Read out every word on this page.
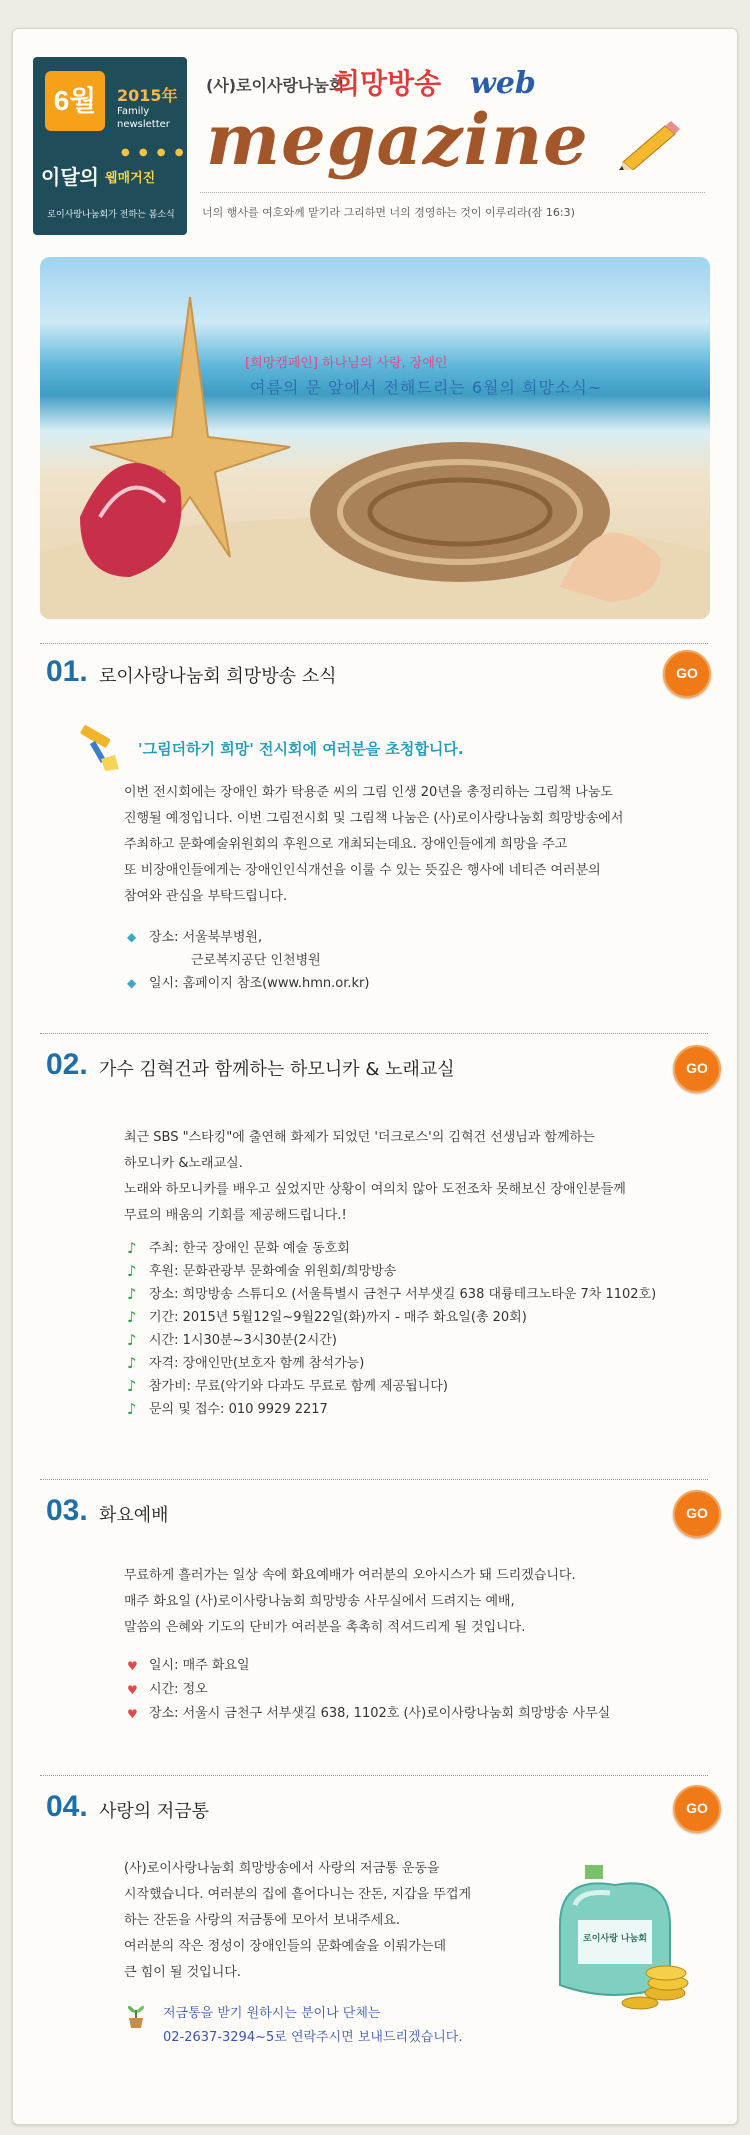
6월	2015年
Family newsletter
● ● ● ●
이달의 웹매거진
로이사랑나눔회가 전하는 봄소식
(사)로이사랑나눔회
희망방송 web
megazine
너의 행사를 여호와께 맡기라 그리하면 너의 경영하는 것이 이루리라(잠 16:3)
[희망캠페인] 하나님의 사랑, 장애인
여름의 문 앞에서 전해드리는 6월의 희망소식~
01. 로이사랑나눔회 희망방송 소식	GO
'그림더하기 희망' 전시회에 여러분을 초청합니다.

이번 전시회에는 장애인 화가 탁용준 씨의 그림 인생 20년을 총정리하는 그림책 나눔도

진행될 예정입니다. 이번 그림전시회 및 그림책 나눔은 (사)로이사랑나눔회 희망방송에서

주최하고 문화예술위원회의 후원으로 개최되는데요. 장애인들에게 희망을 주고

또 비장애인들에게는 장애인인식개선을 이룰 수 있는 뜻깊은 행사에 네티즌 여러분의

참여와 관심을 부탁드립니다.

◆ 장소: 서울북부병원,
근로복지공단 인천병원
◆ 일시: 홈페이지 참조(www.hmn.or.kr)
02. 가수 김혁건과 함께하는 하모니카 & 노래교실	GO

최근 SBS "스타킹"에 출연해 화제가 되었던 '더크로스'의 김혁건 선생님과 함께하는

하모니카 &노래교실.

노래와 하모니카를 배우고 싶었지만 상황이 여의치 않아 도전조차 못해보신 장애인분들께

무료의 배움의 기회를 제공해드립니다.!

♪ 주최: 한국 장애인 문화 예술 동호회
♪ 후원: 문화관광부 문화예술 위원회/희망방송
♪ 장소: 희망방송 스튜디오 (서울특별시 금천구 서부샛길 638 대륭테크노타운 7차 1102호)
♪ 기간: 2015년 5월12일~9월22일(화)까지 - 매주 화요일(총 20회)
♪ 시간: 1시30분~3시30분(2시간)
♪ 자격: 장애인만(보호자 함께 참석가능)
♪ 참가비: 무료(악기와 다과도 무료로 함께 제공됩니다)
♪ 문의 및 접수: 010 9929 2217
03. 화요예배	GO

무료하게 흘러가는 일상 속에 화요예배가 여러분의 오아시스가 돼 드리겠습니다.

매주 화요일 (사)로이사랑나눔회 희망방송 사무실에서 드려지는 예배,

말씀의 은혜와 기도의 단비가 여러분을 촉촉히 적셔드리게 될 것입니다.

♥ 일시: 매주 화요일
♥ 시간: 정오
♥ 장소: 서울시 금천구 서부샛길 638, 1102호 (사)로이사랑나눔회 희망방송 사무실
04. 사랑의 저금통	GO

(사)로이사랑나눔회 희망방송에서 사랑의 저금통 운동을

시작했습니다. 여러분의 집에 흩어다니는 잔돈, 지갑을 뚜껍게

하는 잔돈을 사랑의 저금통에 모아서 보내주세요.

여러분의 작은 정성이 장애인들의 문화예술을 이뤄가는데

큰 힘이 될 것입니다.

로이사랑 나눔회
저금통을 받기 원하시는 분이나 단체는
02-2637-3294~5로 연락주시면 보내드리겠습니다.
